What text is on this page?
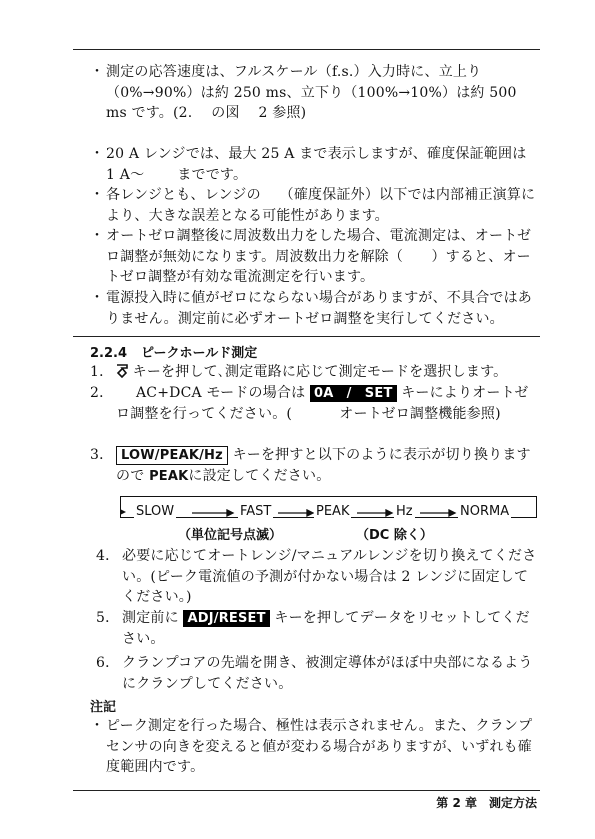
・ 測定の応答速度は、フルスケール（f.s.）入力時に、立上り（0%→90%）は約 250 ms、立下り（100%→10%）は約 500 ms です。(2.　 の図　 2 参照)
・ 20 A レンジでは、最大 25 A まで表示しますが、確度保証範囲は 1 A〜　　 までです。
・ 各レンジとも、レンジの　 （確度保証外）以下では内部補正演算により、大きな誤差となる可能性があります。
・ オートゼロ調整後に周波数出力をした場合、電流測定は、オートゼロ調整が無効になります。周波数出力を解除（　　）すると、オートゼロ調整が有効な電流測定を行います。
・ 電源投入時に値がゼロにならない場合がありますが、不具合ではありません。測定前に必ずオートゼロ調整を実行してください。
2.2.4 ピークホールド測定
1．	キーを押して､測定電路に応じて測定モードを選択します。
2．	AC+DCA モードの場合は 0A　/　SET キーによりオートゼロ調整を行ってください。(　　　 オートゼロ調整機能参照)
3． LOW/PEAK/Hz キーを押すと以下のように表示が切り換りますので PEAKに設定してください。
SLOW	FAST	PEAK	Hz	NORMA
（単位記号点滅）	（DC 除く）
4． 必要に応じてオートレンジ/マニュアルレンジを切り換えてください。(ピーク電流値の予測が付かない場合は 2 レンジに固定してください。)
5． 測定前に ADJ/RESET キーを押してデータをリセットしてください。
6． クランプコアの先端を開き、被測定導体がほぼ中央部になるようにクランプしてください。
注記
・ ピーク測定を行った場合、極性は表示されません。また、クランプセンサの向きを変えると値が変わる場合がありますが、いずれも確度範囲内です。
第 2 章 測定方法
